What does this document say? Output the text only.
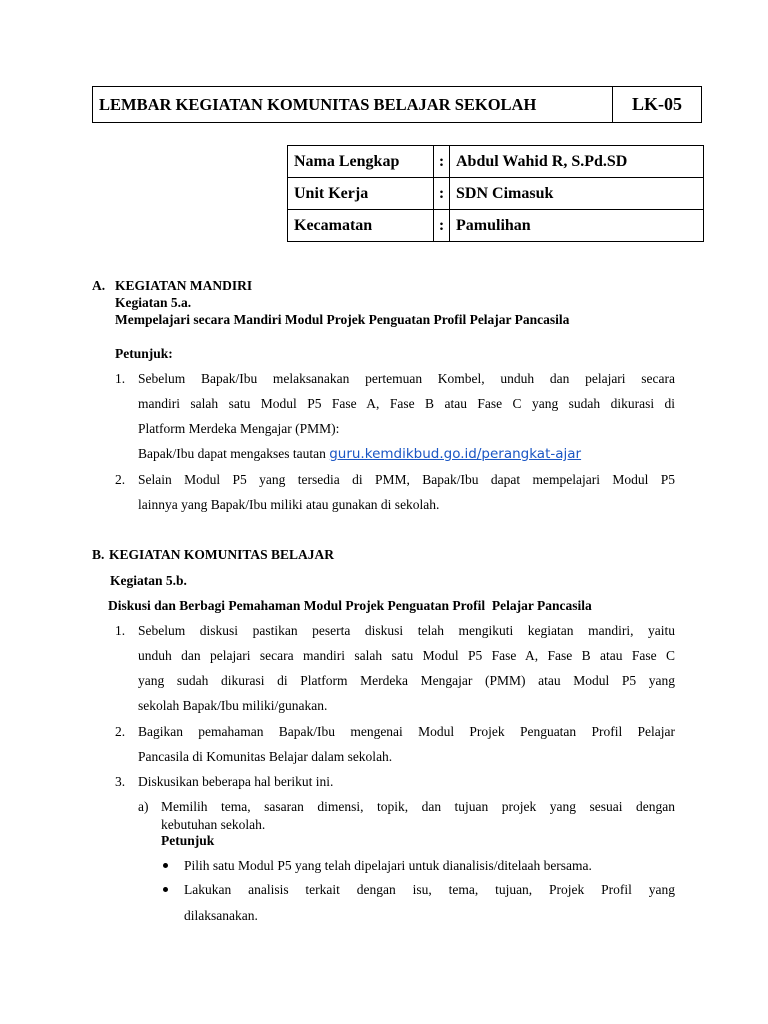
LEMBAR KEGIATAN KOMUNITAS BELAJAR SEKOLAH	LK-05
Nama Lengkap	:	Abdul Wahid R, S.Pd.SD
Unit Kerja	:	SDN Cimasuk
Kecamatan	:	Pamulihan
A. KEGIATAN MANDIRI
Kegiatan 5.a.
Mempelajari secara Mandiri Modul Projek Penguatan Profil Pelajar Pancasila
Petunjuk:
1. Sebelum Bapak/Ibu melaksanakan pertemuan Kombel, unduh dan pelajari secara
mandiri salah satu Modul P5 Fase A, Fase B atau Fase C yang sudah dikurasi di
Platform Merdeka Mengajar (PMM):
Bapak/Ibu dapat mengakses tautan guru.kemdikbud.go.id/perangkat-ajar
2. Selain Modul P5 yang tersedia di PMM, Bapak/Ibu dapat mempelajari Modul P5
lainnya yang Bapak/Ibu miliki atau gunakan di sekolah.
B. KEGIATAN KOMUNITAS BELAJAR
Kegiatan 5.b.
Diskusi dan Berbagi Pemahaman Modul Projek Penguatan Profil  Pelajar Pancasila
1. Sebelum diskusi pastikan peserta diskusi telah mengikuti kegiatan mandiri, yaitu
unduh dan pelajari secara mandiri salah satu Modul P5 Fase A, Fase B atau Fase C
yang sudah dikurasi di Platform Merdeka Mengajar (PMM) atau Modul P5 yang
sekolah Bapak/Ibu miliki/gunakan.
2. Bagikan pemahaman Bapak/Ibu mengenai Modul Projek Penguatan Profil Pelajar
Pancasila di Komunitas Belajar dalam sekolah.
3. Diskusikan beberapa hal berikut ini.
a) Memilih tema, sasaran dimensi, topik, dan tujuan projek yang sesuai dengan
kebutuhan sekolah.
Petunjuk
Pilih satu Modul P5 yang telah dipelajari untuk dianalisis/ditelaah bersama.
Lakukan analisis terkait dengan isu, tema, tujuan, Projek Profil yang
dilaksanakan.
